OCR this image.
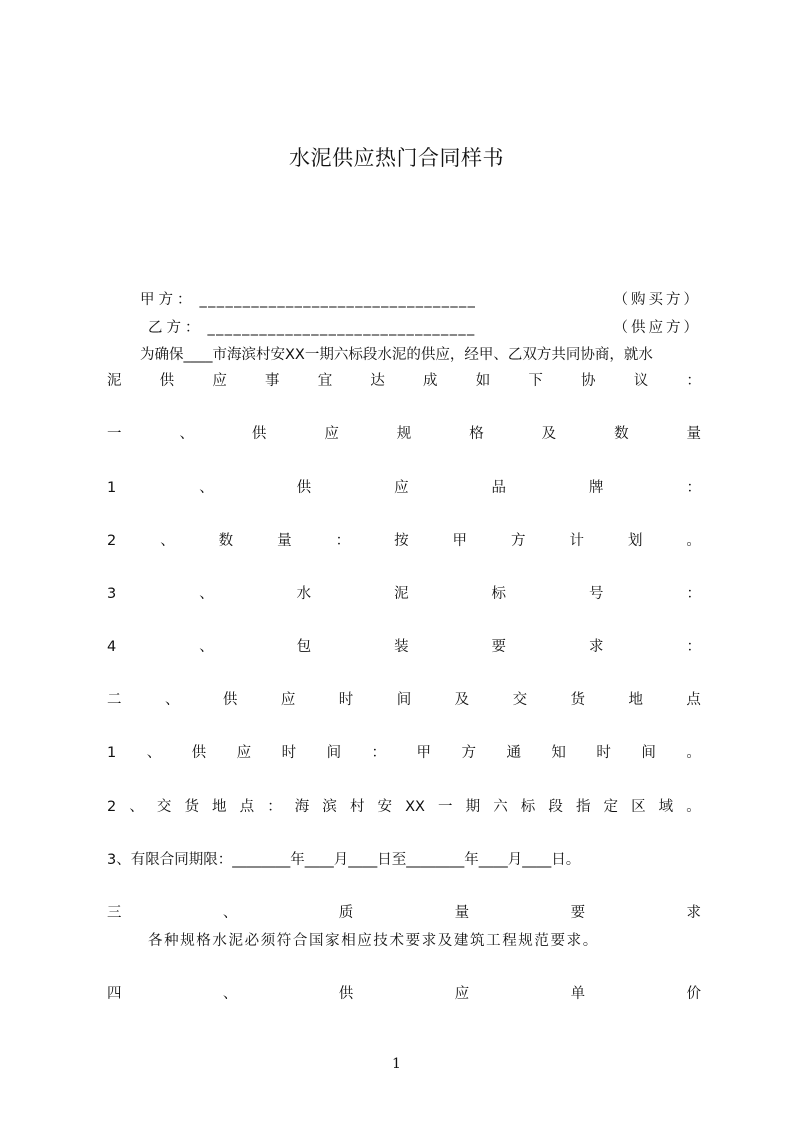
水泥供应热门合同样书
甲方： ________________________________	（购买方）
乙方： _______________________________	（供应方）
为确保____市海滨村安XX一期六标段水泥的供应，经甲、乙双方共同协商，就水
泥	供	应	事	宜	达	成	如	下	协	议	：
一	、	供	应	规	格	及	数	量
1	、	供	应	品	牌	：
2	、	数	量	：	按	甲	方	计	划	。
3	、	水	泥	标	号	：
4	、	包	装	要	求	：
二	、	供	应	时	间	及	交	货	地	点
1 、 供 应 时 间 ： 甲 方 通 知 时 间 。
2 、 交 货 地 点 ： 海 滨 村 安 XX 一 期 六 标 段 指 定 区 域 。
3、有限合同期限：________年____月____日至________年____月____日。
三	、	质	量	要	求
各种规格水泥必须符合国家相应技术要求及建筑工程规范要求。
四	、	供	应	单	价
1
